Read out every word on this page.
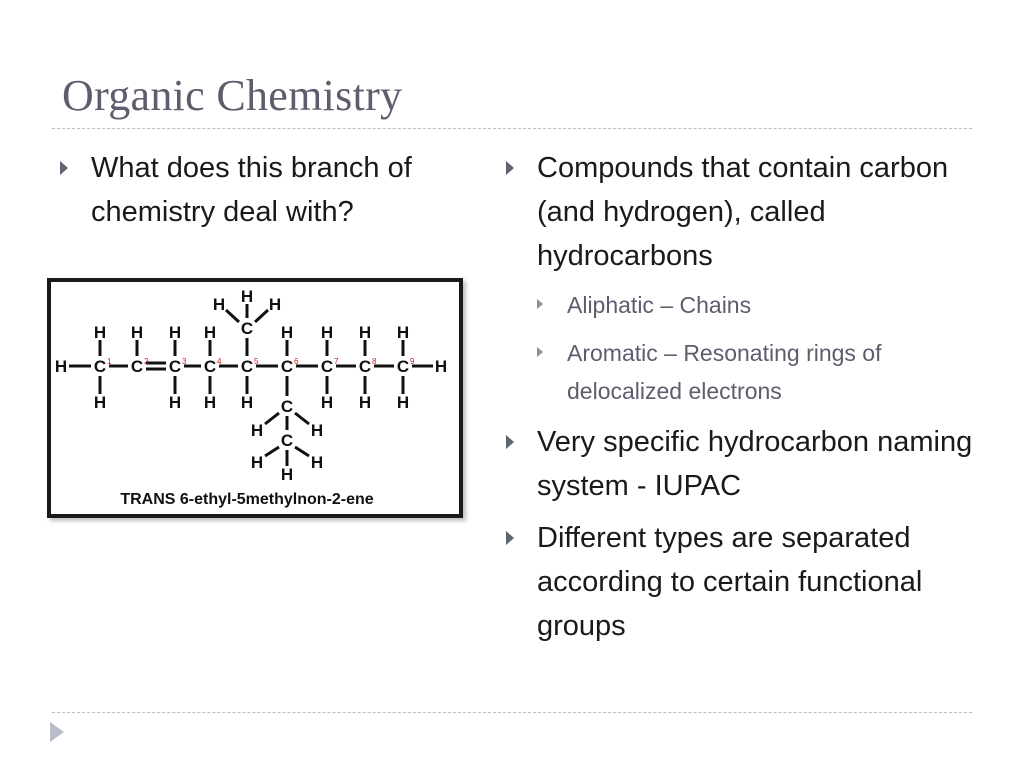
Organic Chemistry
What does this branch of chemistry deal with?
H	H
H H H H	H H H H
H	H H H	H H H
C
H H H
C
H	H
C
H	H
H
C 1 C 2 C 3 C 4 C 5 C 6 C 7 C 8 C 9
TRANS 6-ethyl-5methylnon-2-ene
Compounds that contain carbon (and hydrogen), called hydrocarbons
Aliphatic – Chains
Aromatic – Resonating rings of delocalized electrons
Very specific hydrocarbon naming system - IUPAC
Different types are separated according to certain functional groups
